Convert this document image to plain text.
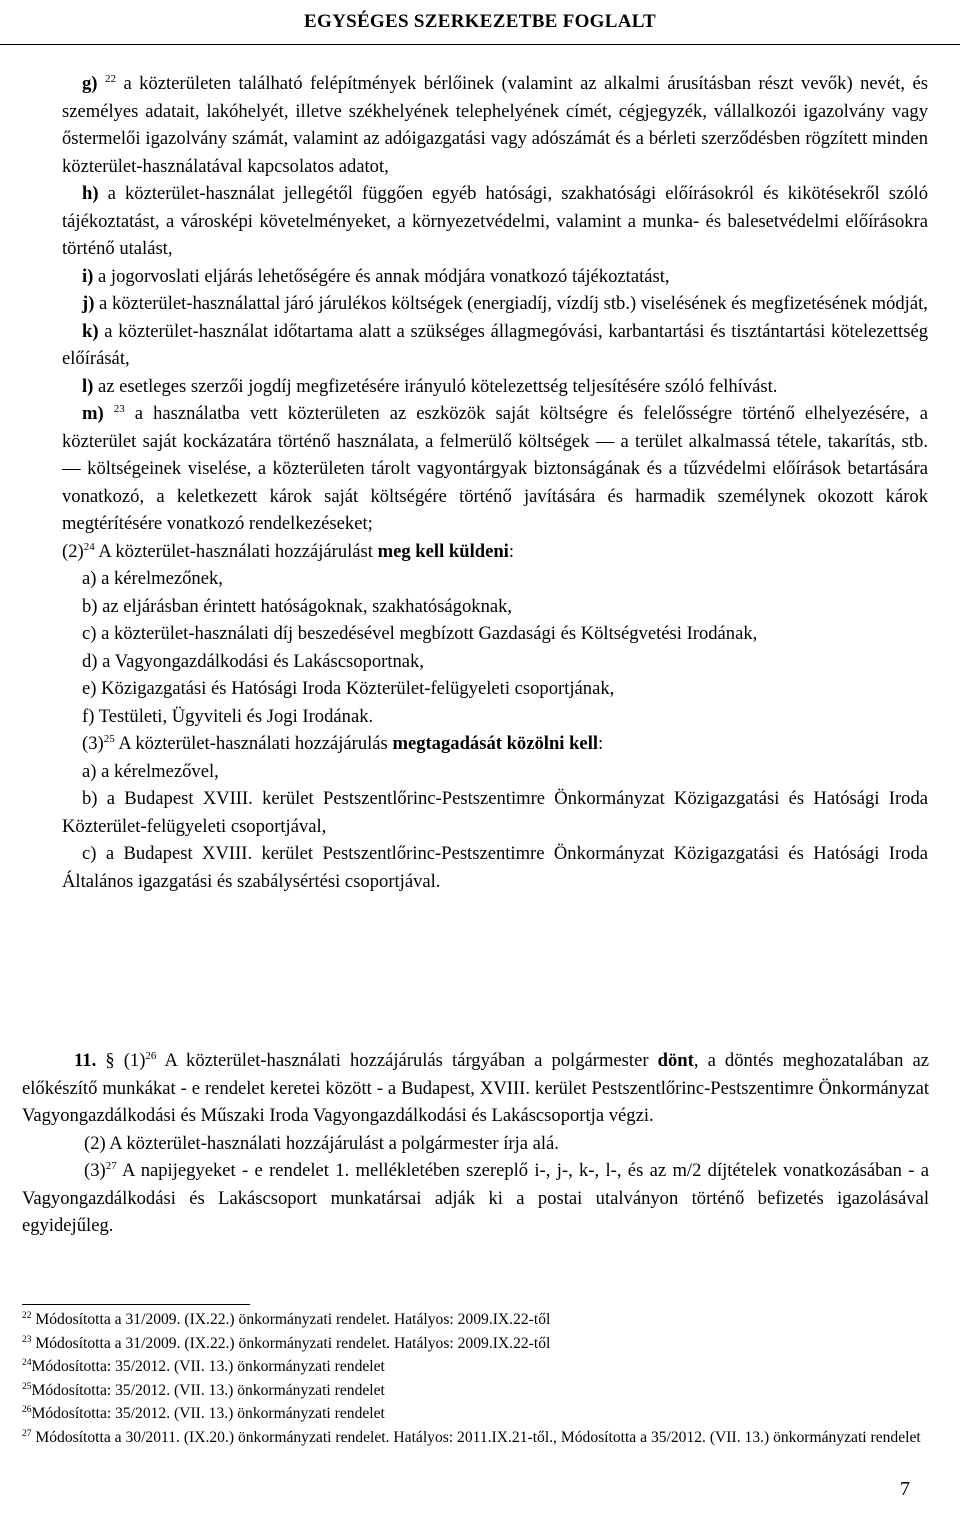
EGYSÉGES SZERKEZETBE FOGLALT

g) $^{22}$ a közterületen található felépítmények bérlőinek (valamint az alkalmi árusításban részt vevők) nevét, és személyes adatait, lakóhelyét, illetve székhelyének telephelyének címét, cégjegyzék, vállalkozói igazolvány vagy őstermelői igazolvány számát, valamint az adóigazgatási vagy adószámát és a bérleti szerződésben rögzített minden közterület-használatával kapcsolatos adatot,

h) a közterület-használat jellegétől függően egyéb hatósági, szakhatósági előírásokról és kikötésekről szóló tájékoztatást, a városképi követelményeket, a környezetvédelmi, valamint a munka- és balesetvédelmi előírásokra történő utalást,

i) a jogorvoslati eljárás lehetőségére és annak módjára vonatkozó tájékoztatást,

j) a közterület-használattal járó járulékos költségek (energiadíj, vízdíj stb.) viselésének és megfizetésének módját,

k) a közterület-használat időtartama alatt a szükséges állagmegóvási, karbantartási és tisztántartási kötelezettség előírását,

l) az esetleges szerzői jogdíj megfizetésére irányuló kötelezettség teljesítésére szóló felhívást.

m) $^{23}$ a használatba vett közterületen az eszközök saját költségre és felelősségre történő elhelyezésére, a közterület saját kockázatára történő használata, a felmerülő költségek — a terület alkalmassá tétele, takarítás, stb. — költségeinek viselése, a közterületen tárolt vagyontárgyak biztonságának és a tűzvédelmi előírások betartására vonatkozó, a keletkezett károk saját költségére történő javítására és harmadik személynek okozott károk megtérítésére vonatkozó rendelkezéseket;

$(2)^{24}$ A közterület-használati hozzájárulást meg kell küldeni:

a) a kérelmezőnek,

b) az eljárásban érintett hatóságoknak, szakhatóságoknak,

c) a közterület-használati díj beszedésével megbízott Gazdasági és Költségvetési Irodának,

d) a Vagyongazdálkodási és Lakáscsoportnak,

e) Közigazgatási és Hatósági Iroda Közterület-felügyeleti csoportjának,

f) Testületi, Ügyviteli és Jogi Irodának.

$(3)^{25}$ A közterület-használati hozzájárulás megtagadását közölni kell:

a) a kérelmezővel,

b) a Budapest XVIII. kerület Pestszentlőrinc-Pestszentimre Önkormányzat Közigazgatási és Hatósági Iroda Közterület-felügyeleti csoportjával,

c) a Budapest XVIII. kerület Pestszentlőrinc-Pestszentimre Önkormányzat Közigazgatási és Hatósági Iroda Általános igazgatási és szabálysértési csoportjával.

11. § $(1)^{26}$ A közterület-használati hozzájárulás tárgyában a polgármester dönt, a döntés meghozatalában az előkészítő munkákat - e rendelet keretei között - a Budapest, XVIII. kerület Pestszentlőrinc-Pestszentimre Önkormányzat Vagyongazdálkodási és Műszaki Iroda Vagyongazdálkodási és Lakáscsoportja végzi.

(2) A közterület-használati hozzájárulást a polgármester írja alá.

$(3)^{27}$ A napijegyeket - e rendelet 1. mellékletében szereplő i-, j-, k-, l-, és az m/2 díjtételek vonatkozásában - a Vagyongazdálkodási és Lakáscsoport munkatársai adják ki a postai utalványon történő befizetés igazolásával egyidejűleg.

$^{22}$ Módosította a 31/2009. (IX.22.) önkormányzati rendelet. Hatályos: 2009.IX.22-től

$^{23}$ Módosította a 31/2009. (IX.22.) önkormányzati rendelet. Hatályos: 2009.IX.22-től

$^{24}$Módosította: 35/2012. (VII. 13.) önkormányzati rendelet

$^{25}$Módosította: 35/2012. (VII. 13.) önkormányzati rendelet

$^{26}$Módosította: 35/2012. (VII. 13.) önkormányzati rendelet

$^{27}$ Módosította a 30/2011. (IX.20.) önkormányzati rendelet. Hatályos: 2011.IX.21-től., Módosította a 35/2012. (VII. 13.) önkormányzati rendelet

7
